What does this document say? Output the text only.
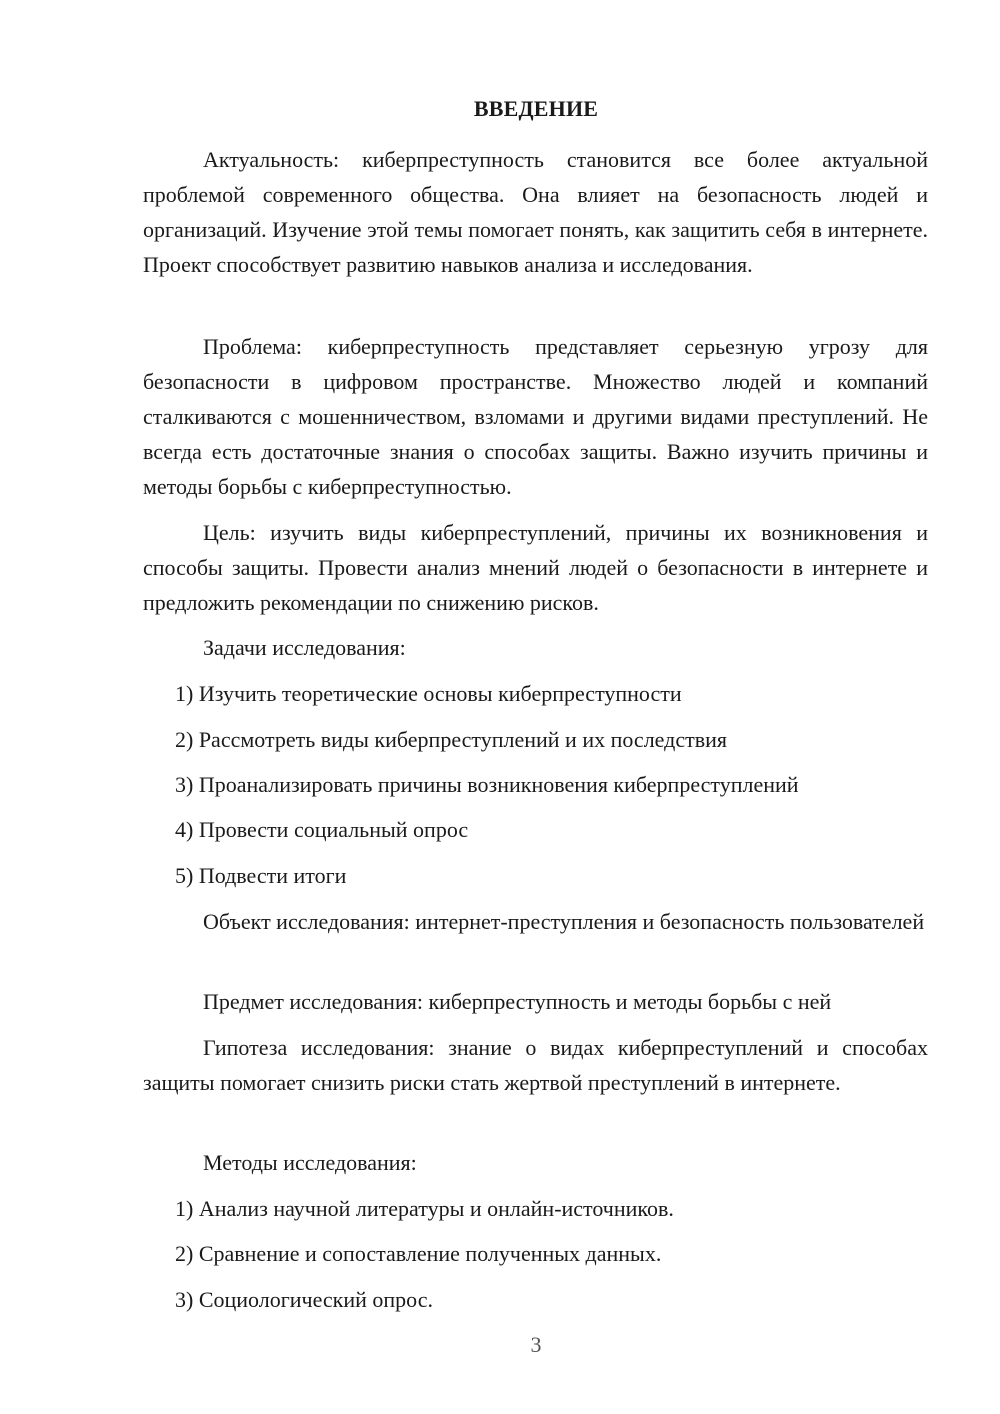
ВВЕДЕНИЕ

Актуальность: киберпреступность становится все более актуальной проблемой современного общества. Она влияет на безопасность людей и организаций. Изучение этой темы помогает понять, как защитить себя в интернете. Проект способствует развитию навыков анализа и исследования.

Проблема: киберпреступность представляет серьезную угрозу для безопасности в цифровом пространстве. Множество людей и компаний сталкиваются с мошенничеством, взломами и другими видами преступлений. Не всегда есть достаточные знания о способах защиты. Важно изучить причины и методы борьбы с киберпреступностью.

Цель: изучить виды киберпреступлений, причины их возникновения и способы защиты. Провести анализ мнений людей о безопасности в интернете и предложить рекомендации по снижению рисков.

Задачи исследования:

1) Изучить теоретические основы киберпреступности

2) Рассмотреть виды киберпреступлений и их последствия

3) Проанализировать причины возникновения киберпреступлений

4) Провести социальный опрос

5) Подвести итоги

Объект исследования: интернет-преступления и безопасность пользователей

Предмет исследования: киберпреступность и методы борьбы с ней

Гипотеза исследования: знание о видах киберпреступлений и способах защиты помогает снизить риски стать жертвой преступлений в интернете.

Методы исследования:

1) Анализ научной литературы и онлайн-источников.

2) Сравнение и сопоставление полученных данных.

3) Социологический опрос.

3
